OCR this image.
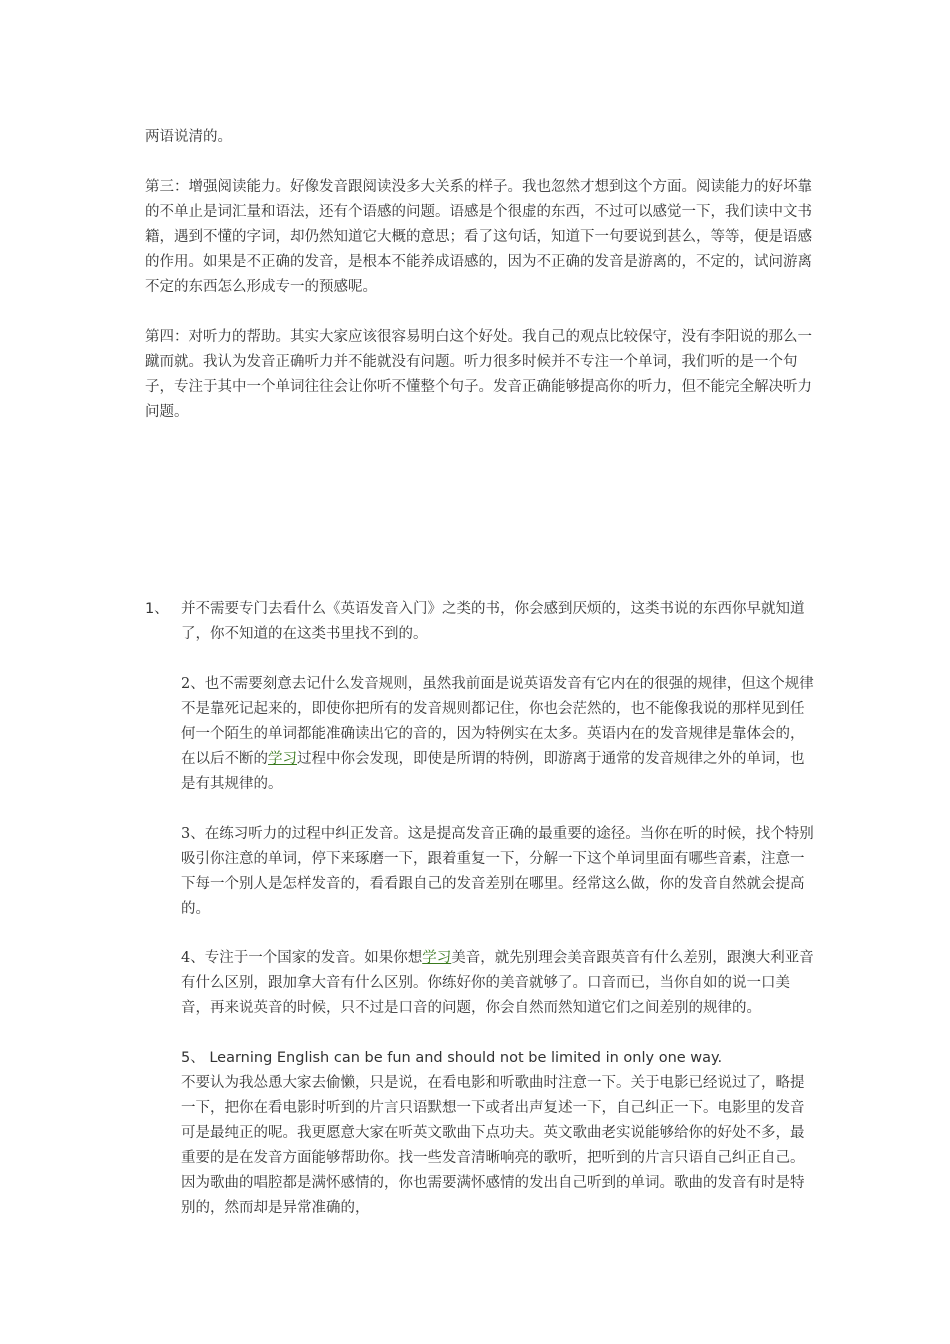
两语说清的。

第三：增强阅读能力。好像发音跟阅读没多大关系的样子。我也忽然才想到这个方面。阅读能力的好坏靠的不单止是词汇量和语法，还有个语感的问题。语感是个很虚的东西，不过可以感觉一下，我们读中文书籍，遇到不懂的字词，却仍然知道它大概的意思；看了这句话，知道下一句要说到甚么，等等，便是语感的作用。如果是不正确的发音，是根本不能养成语感的，因为不正确的发音是游离的，不定的，试问游离不定的东西怎么形成专一的预感呢。

第四：对听力的帮助。其实大家应该很容易明白这个好处。我自己的观点比较保守，没有李阳说的那么一蹴而就。我认为发音正确听力并不能就没有问题。听力很多时候并不专注一个单词，我们听的是一个句子，专注于其中一个单词往往会让你听不懂整个句子。发音正确能够提高你的听力，但不能完全解决听力问题。

1、 并不需要专门去看什么《英语发音入门》之类的书，你会感到厌烦的，这类书说的东西你早就知道了，你不知道的在这类书里找不到的。

2、也不需要刻意去记什么发音规则，虽然我前面是说英语发音有它内在的很强的规律，但这个规律不是靠死记起来的，即使你把所有的发音规则都记住，你也会茫然的，也不能像我说的那样见到任何一个陌生的单词都能准确读出它的音的，因为特例实在太多。英语内在的发音规律是靠体会的，在以后不断的学习过程中你会发现，即使是所谓的特例，即游离于通常的发音规律之外的单词，也是有其规律的。

3、在练习听力的过程中纠正发音。这是提高发音正确的最重要的途径。当你在听的时候，找个特别吸引你注意的单词，停下来琢磨一下，跟着重复一下，分解一下这个单词里面有哪些音素，注意一下每一个别人是怎样发音的，看看跟自己的发音差别在哪里。经常这么做，你的发音自然就会提高的。

4、专注于一个国家的发音。如果你想学习美音，就先别理会美音跟英音有什么差别，跟澳大利亚音有什么区别，跟加拿大音有什么区别。你练好你的美音就够了。口音而已，当你自如的说一口美音，再来说英音的时候，只不过是口音的问题，你会自然而然知道它们之间差别的规律的。

5、 Learning English can be fun and should not be limited in only one way.

不要认为我怂恿大家去偷懒，只是说，在看电影和听歌曲时注意一下。关于电影已经说过了，略提一下，把你在看电影时听到的片言只语默想一下或者出声复述一下，自己纠正一下。电影里的发音可是最纯正的呢。我更愿意大家在听英文歌曲下点功夫。英文歌曲老实说能够给你的好处不多，最重要的是在发音方面能够帮助你。找一些发音清晰响亮的歌听，把听到的片言只语自己纠正自己。因为歌曲的唱腔都是满怀感情的，你也需要满怀感情的发出自己听到的单词。歌曲的发音有时是特别的，然而却是异常准确的，
